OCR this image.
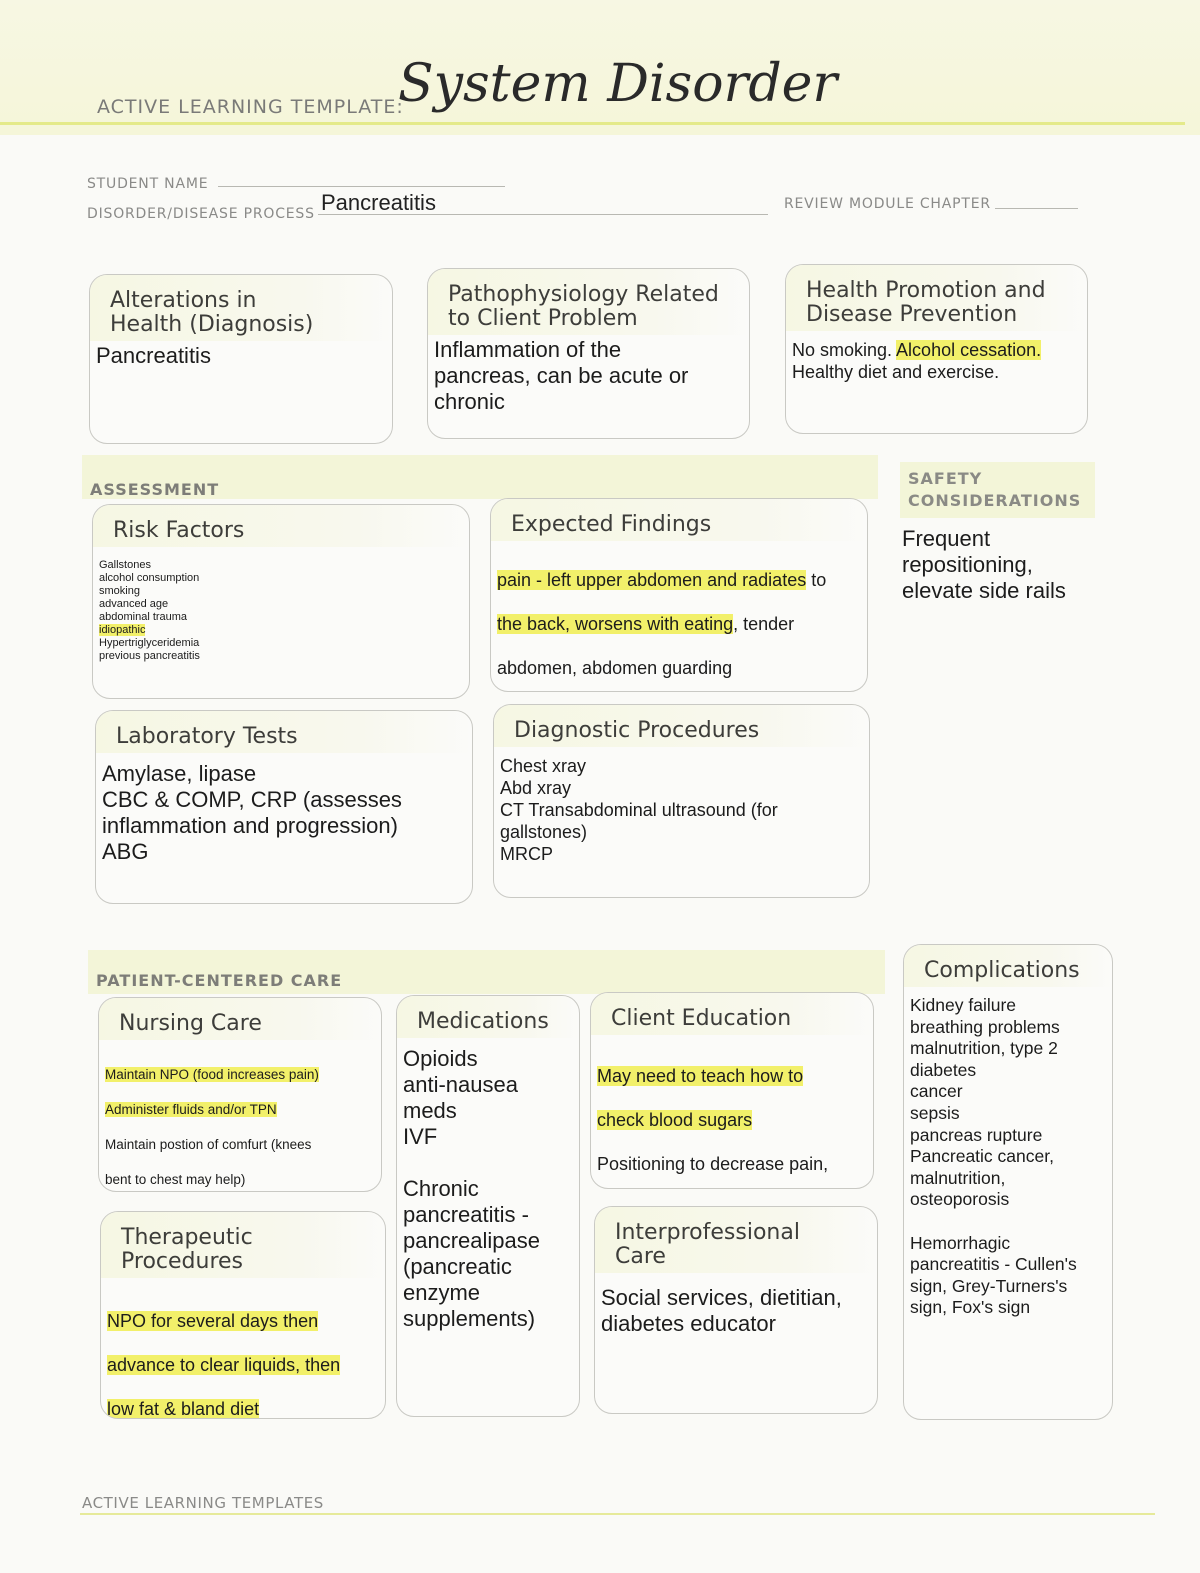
ACTIVE LEARNING TEMPLATE:
System Disorder
STUDENT NAME
DISORDER/DISEASE PROCESS Pancreatitis	REVIEW MODULE CHAPTER
Alterations in
Health (Diagnosis)
Pancreatitis
Pathophysiology Related
to Client Problem
Inflammation of the
pancreas, can be acute or
chronic
Health Promotion and
Disease Prevention
No smoking. Alcohol cessation.
Healthy diet and exercise.
ASSESSMENT
Risk Factors
Gallstones
alcohol consumption
smoking
advanced age
abdominal trauma
idiopathic
Hypertriglyceridemia
previous pancreatitis
Expected Findings

pain - left upper abdomen and radiates to

the back, worsens with eating, tender

abdomen, abdomen guarding

Laboratory Tests
Amylase, lipase
CBC & COMP, CRP (assesses
inflammation and progression)
ABG
Diagnostic Procedures
Chest xray
Abd xray
CT Transabdominal ultrasound (for
gallstones)
MRCP
SAFETY
CONSIDERATIONS
Frequent
repositioning,
elevate side rails
PATIENT-CENTERED CARE
Nursing Care

Maintain NPO (food increases pain)

Administer fluids and/or TPN

Maintain postion of comfurt (knees

bent to chest may help)

Medications
Opioids
anti-nausea
meds
IVF

Chronic
pancreatitis -
pancrealipase
(pancreatic
enzyme
supplements)
Client Education

May need to teach how to

check blood sugars

Positioning to decrease pain,

Therapeutic Procedures

NPO for several days then

advance to clear liquids, then

low fat & bland diet

Interprofessional Care
Social services, dietitian,
diabetes educator
Complications
Kidney failure
breathing problems
malnutrition, type 2
diabetes
cancer
sepsis
pancreas rupture
Pancreatic cancer,
malnutrition,
osteoporosis

Hemorrhagic
pancreatitis - Cullen's
sign, Grey-Turners's
sign, Fox's sign
ACTIVE LEARNING TEMPLATES
